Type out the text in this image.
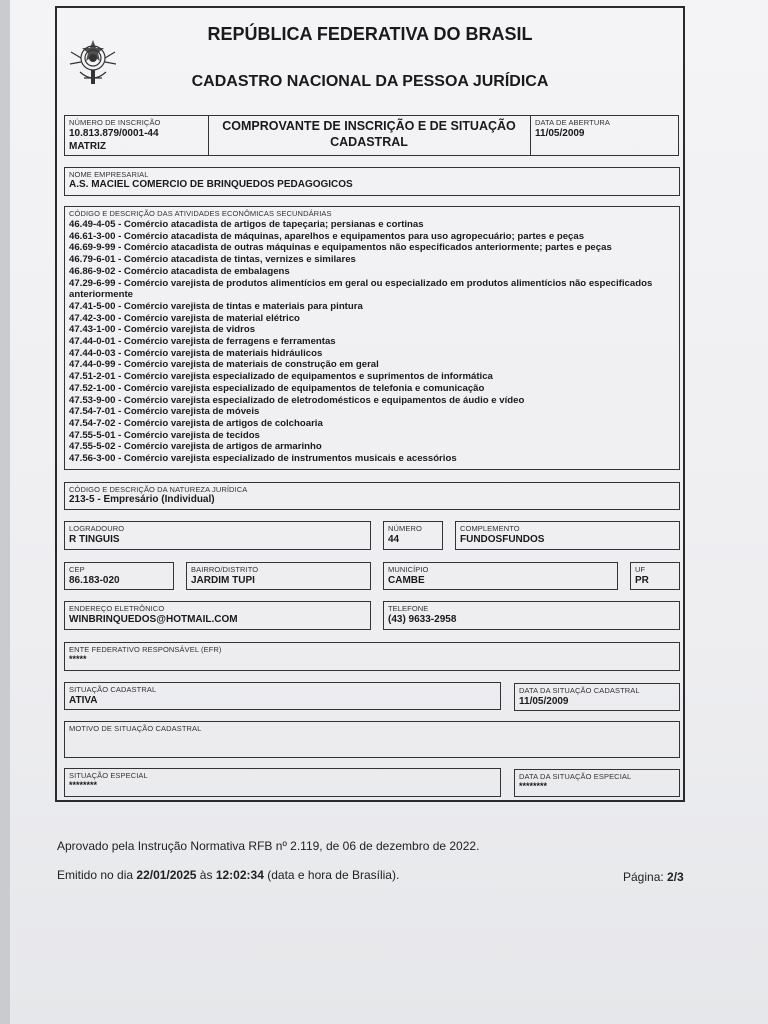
REPÚBLICA FEDERATIVA DO BRASIL
CADASTRO NACIONAL DA PESSOA JURÍDICA
NÚMERO DE INSCRIÇÃO
10.813.879/0001-44
MATRIZ
COMPROVANTE DE INSCRIÇÃO E DE SITUAÇÃO
CADASTRAL
DATA DE ABERTURA
11/05/2009
NOME EMPRESARIAL
A.S. MACIEL COMERCIO DE BRINQUEDOS PEDAGOGICOS
CÓDIGO E DESCRIÇÃO DAS ATIVIDADES ECONÔMICAS SECUNDÁRIAS
46.49-4-05 - Comércio atacadista de artigos de tapeçaria; persianas e cortinas
46.61-3-00 - Comércio atacadista de máquinas, aparelhos e equipamentos para uso agropecuário; partes e peças
46.69-9-99 - Comércio atacadista de outras máquinas e equipamentos não especificados anteriormente; partes e peças
46.79-6-01 - Comércio atacadista de tintas, vernizes e similares
46.86-9-02 - Comércio atacadista de embalagens
47.29-6-99 - Comércio varejista de produtos alimentícios em geral ou especializado em produtos alimentícios não especificados anteriormente
47.41-5-00 - Comércio varejista de tintas e materiais para pintura
47.42-3-00 - Comércio varejista de material elétrico
47.43-1-00 - Comércio varejista de vidros
47.44-0-01 - Comércio varejista de ferragens e ferramentas
47.44-0-03 - Comércio varejista de materiais hidráulicos
47.44-0-99 - Comércio varejista de materiais de construção em geral
47.51-2-01 - Comércio varejista especializado de equipamentos e suprimentos de informática
47.52-1-00 - Comércio varejista especializado de equipamentos de telefonia e comunicação
47.53-9-00 - Comércio varejista especializado de eletrodomésticos e equipamentos de áudio e vídeo
47.54-7-01 - Comércio varejista de móveis
47.54-7-02 - Comércio varejista de artigos de colchoaria
47.55-5-01 - Comércio varejista de tecidos
47.55-5-02 - Comércio varejista de artigos de armarinho
47.56-3-00 - Comércio varejista especializado de instrumentos musicais e acessórios
CÓDIGO E DESCRIÇÃO DA NATUREZA JURÍDICA
213-5 - Empresário (Individual)
LOGRADOURO
R TINGUIS
NÚMERO
44
COMPLEMENTO
FUNDOSFUNDOS
CEP
86.183-020
BAIRRO/DISTRITO
JARDIM TUPI
MUNICÍPIO
CAMBE
UF
PR
ENDEREÇO ELETRÔNICO
WINBRINQUEDOS@HOTMAIL.COM
TELEFONE
(43) 9633-2958
ENTE FEDERATIVO RESPONSÁVEL (EFR)
*****
SITUAÇÃO CADASTRAL
ATIVA
DATA DA SITUAÇÃO CADASTRAL
11/05/2009
MOTIVO DE SITUAÇÃO CADASTRAL
SITUAÇÃO ESPECIAL
********
DATA DA SITUAÇÃO ESPECIAL
********
Aprovado pela Instrução Normativa RFB nº 2.119, de 06 de dezembro de 2022.
Emitido no dia 22/01/2025 às 12:02:34 (data e hora de Brasília).	Página: 2/3
